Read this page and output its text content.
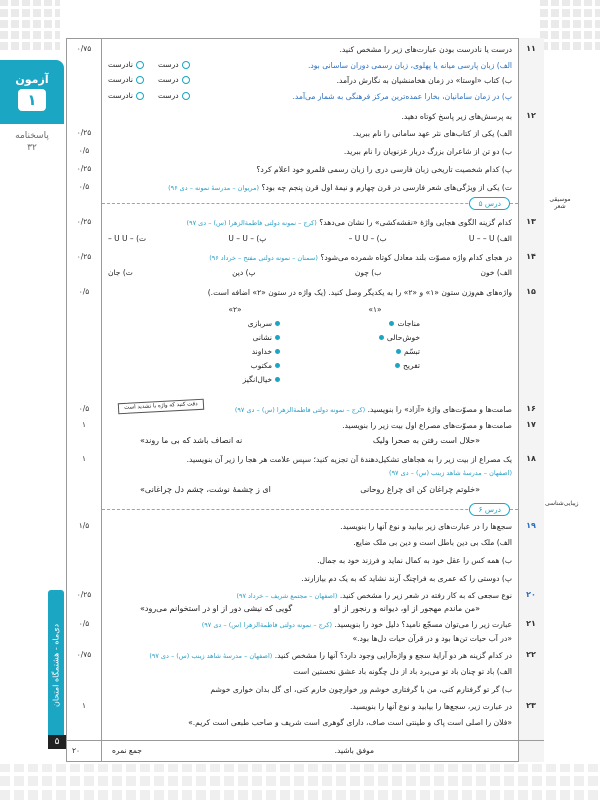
آزمون
۱
پاسخنامه
۳۲
دی‌ماه - هشتمگاه امتحان
۵
۱۱
۰/۷۵	درست یا نادرست بودن عبارت‌های زیر را مشخص کنید.
الف) زبان پارسی میانه یا پهلوی، زبان رسمی دوران ساسانی بود.
ب) کتاب «اوستا» در زمان هخامنشیان به نگارش درآمد.
پ) در زمان سامانیان، بخارا عمده‌ترین مرکز فرهنگی به شمار می‌آمد.
درست
نادرست
درست
نادرست
درست
نادرست
۱۲
به پرسش‌های زیر پاسخ کوتاه دهید.
۰/۲۵	الف) یکی از کتاب‌های نثر عهد سامانی را نام ببرید.
۰/۵	ب) دو تن از شاعران بزرگ دربار غزنویان را نام ببرید.
۰/۲۵	پ) کدام شخصیت تاریخی زبان فارسی دری را زبان رسمی قلمرو خود اعلام کرد؟
۰/۵	ت) یکی از ویژگی‌های شعر فارسی در قرن چهارم و نیمهٔ اول قرن پنجم چه بود؟ (مریوان – مدرسهٔ نمونه – دی ۹۶)
درس ۵	موسیقی شعر
۱۳
۰/۲۵	کدام گزینه الگوی هجایی واژهٔ «نقشه‌کشی» را نشان می‌دهد؟ (کرج – نمونه دولتی فاطمة‌الزهرا (س) – دی ۹۷)
الف) U – – U
ب) – U U –
پ) – U – U
ت) – U U –
۱۴
۰/۲۵	در هجای کدام واژه مصوّت بلند معادل کوتاه شمرده می‌شود؟ (سمنان – نمونه دولتی مفتح – خرداد ۹۶)
الف) خون
ب) چون
پ) دین
ت) جان
۱۵
۰/۵	واژه‌های هم‌وزن ستون «۱» و «۲» را به یکدیگر وصل کنید. (یک واژه در ستون «۲» اضافه است.)
«۱»
«۲»
مناجات
سربازی
خوش‌حالی
نشانی
تبسّم
خداوند
تفریح
مکتوب
خیال‌انگیز
دقت کنید که واژه با تشدید است	۱۶
۰/۵	صامت‌ها و مصوّت‌های واژهٔ «آزاد» را بنویسید. (کرج – نمونه دولتی فاطمة‌الزهرا (س) – دی ۹۷)
۱۷
۱	صامت‌ها و مصوّت‌های مصراع اول بیت زیر را بنویسید.
«حلال است رفتن به صحرا ولیک
نه انصاف باشد که بی ما روند»
۱۸
۱	یک مصراع از بیت زیر را به هجاهای تشکیل‌دهندهٔ آن تجزیه کنید؛ سپس علامت هر هجا را زیر آن بنویسید.
(اصفهان – مدرسهٔ شاهد زینب (س) – دی ۹۷)
«خلوتم چراغان کن ای چراغ روحانی
ای ز چشمهٔ نوشت، چشم دل چراغانی»
درس ۶
زیبایی‌شناسی
۱۹
۱/۵	سجع‌ها را در عبارت‌های زیر بیابید و نوع آنها را بنویسید.
الف) ملک بی دین باطل است و دین بی ملک ضایع.
ب) همه کس را عقل خود به کمال نماید و فرزند خود به جمال.
پ) دوستی را که عمری به فراچنگ آرند نشاید که به یک دم بیازارند.
۲۰
۰/۲۵	نوع سجعی که به کار رفته در شعر زیر را مشخص کنید. (اصفهان – مجتمع شریف – خرداد ۹۷)
«من ماندم مهجور از او، دیوانه و رنجور از او
گویی که نیشی دور از او در استخوانم می‌رود»
۲۱
۰/۵	عبارت زیر را می‌توان مسجّع نامید؟ دلیل خود را بنویسید. (کرج – نمونه دولتی فاطمة‌الزهرا (س) – دی ۹۷)
«در آب حیات تن‌ها بود و در قرآن حیات دل‌ها بود.»
۲۲
۰/۷۵	در کدام گزینه هر دو آرایهٔ سجع و واژه‌آرایی وجود دارد؟ آنها را مشخص کنید. (اصفهان – مدرسهٔ شاهد زینب (س) – دی ۹۷)
الف) باد تو چنان باد تو می‌برد باد از دل چگونه باد عشق نخستین است
ب) گر تو گرفتارم کنی، من با گرفتاری خوشم ور خوارچون خارم کنی، ای گل بدان خواری خوشم
۲۳
۱	در عبارت زیر، سجع‌ها را بیابید و نوع آنها را بنویسید.
«فلان را اصلی است پاک و طینتی است صاف، دارای گوهری است شریف و صاحب طبعی است کریم.»
موفق باشید.
جمع نمره
۲۰
